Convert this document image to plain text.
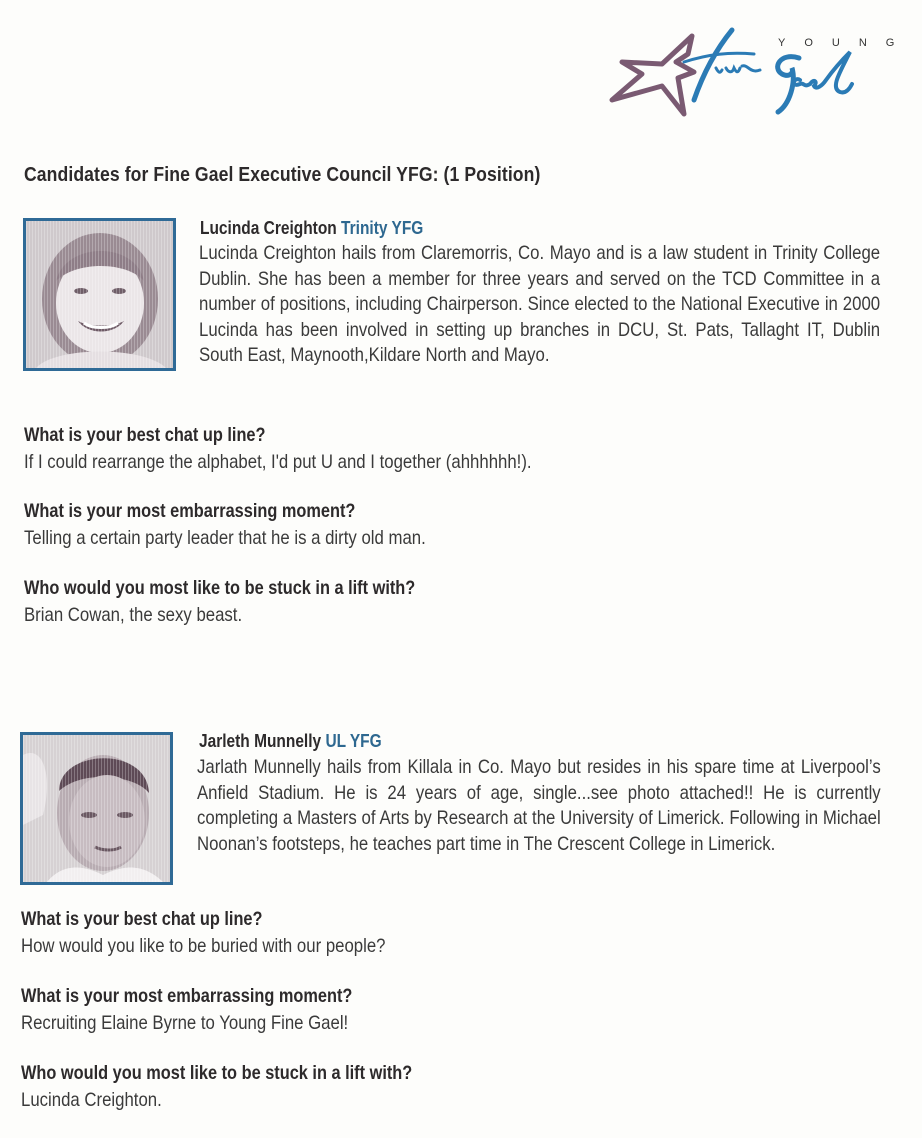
YOUNG
Candidates for Fine Gael Executive Council YFG: (1 Position)
Lucinda Creighton Trinity YFG
Lucinda Creighton hails from Claremorris, Co. Mayo and is a law student in Trinity College Dublin. She has been a member for three years and served on the TCD Committee in a number of positions, including Chairperson. Since elected to the National Executive in 2000 Lucinda has been involved in setting up branches in DCU, St. Pats, Tallaght IT, Dublin South East, Maynooth,Kildare North and Mayo.
What is your best chat up line?
If I could rearrange the alphabet, I'd put U and I together (ahhhhhh!).
What is your most embarrassing moment?
Telling a certain party leader that he is a dirty old man.
Who would you most like to be stuck in a lift with?
Brian Cowan, the sexy beast.
Jarleth Munnelly UL YFG
Jarlath Munnelly hails from Killala in Co. Mayo but resides in his spare time at Liverpool’s Anfield Stadium. He is 24 years of age, single...see photo attached!! He is currently completing a Masters of Arts by Research at the University of Limerick. Following in Michael Noonan’s footsteps, he teaches part time in The Crescent College in Limerick.
What is your best chat up line?
How would you like to be buried with our people?
What is your most embarrassing moment?
Recruiting Elaine Byrne to Young Fine Gael!
Who would you most like to be stuck in a lift with?
Lucinda Creighton.
